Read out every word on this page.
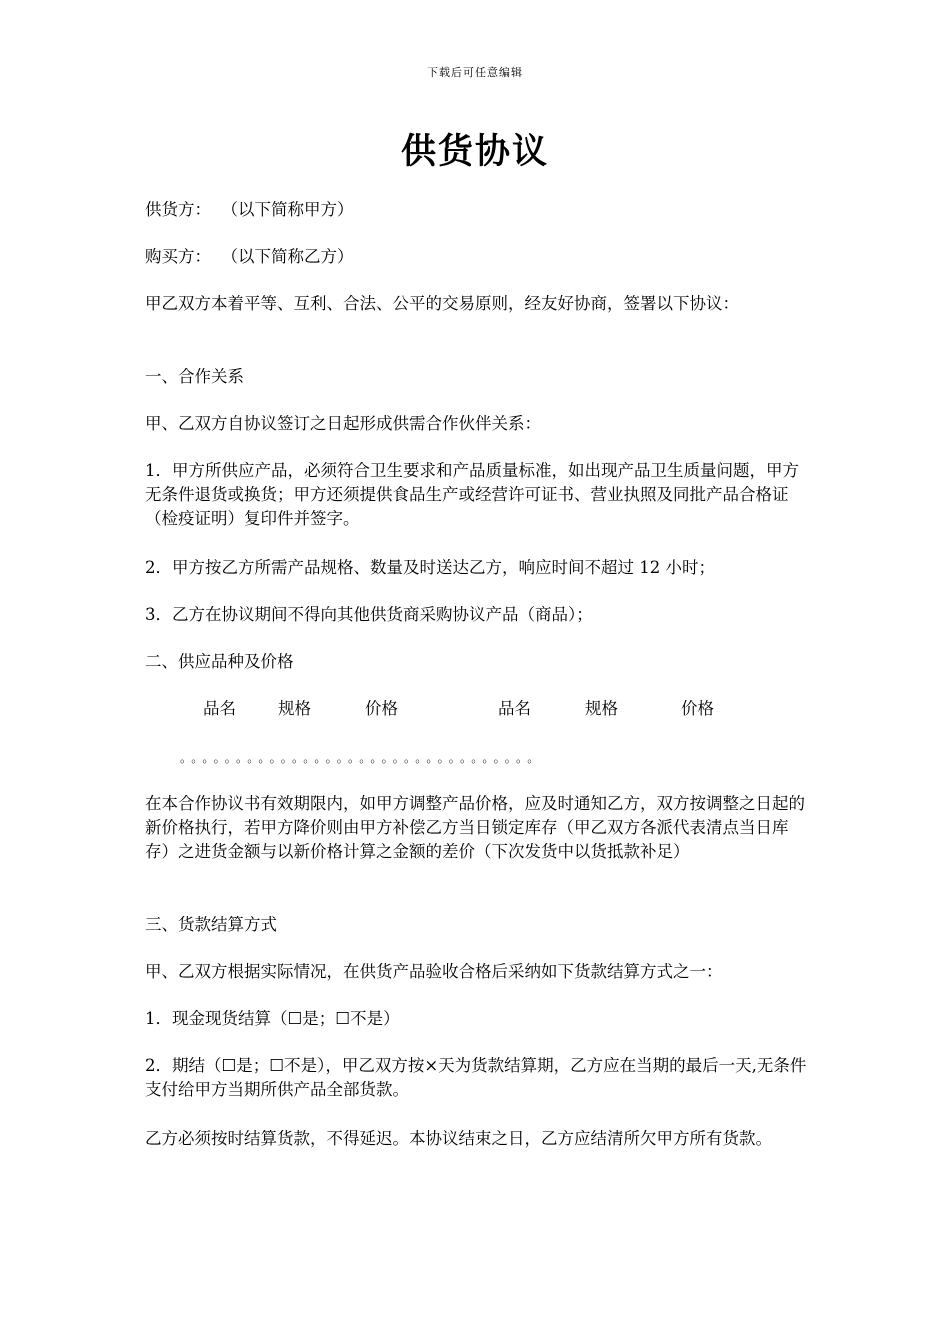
下载后可任意编辑
供货协议
供货方：  （以下简称甲方）
购买方：  （以下简称乙方）
甲乙双方本着平等、互利、合法、公平的交易原则，经友好协商，签署以下协议：
一、合作关系
甲、乙双方自协议签订之日起形成供需合作伙伴关系：
1．甲方所供应产品，必须符合卫生要求和产品质量标准，如出现产品卫生质量问题，甲方无条件退货或换货；甲方还须提供食品生产或经营许可证书、营业执照及同批产品合格证（检疫证明）复印件并签字。
2．甲方按乙方所需产品规格、数量及时送达乙方，响应时间不超过 12 小时；
3．乙方在协议期间不得向其他供货商采购协议产品（商品）；
二、供应品种及价格
品名	规格	价格	品名	规格	价格
。。。。。。。。。。。。。。。。。。。。。。。。。。。。。。。。
在本合作协议书有效期限内，如甲方调整产品价格，应及时通知乙方，双方按调整之日起的新价格执行，若甲方降价则由甲方补偿乙方当日锁定库存（甲乙双方各派代表清点当日库存）之进货金额与以新价格计算之金额的差价（下次发货中以货抵款补足）
三、货款结算方式
甲、乙双方根据实际情况，在供货产品验收合格后采纳如下货款结算方式之一：
1．现金现货结算（☐是；☐不是）
2．期结（☐是；☐不是），甲乙双方按×天为货款结算期，乙方应在当期的最后一天,无条件支付给甲方当期所供产品全部货款。
乙方必须按时结算货款，不得延迟。本协议结束之日，乙方应结清所欠甲方所有货款。
